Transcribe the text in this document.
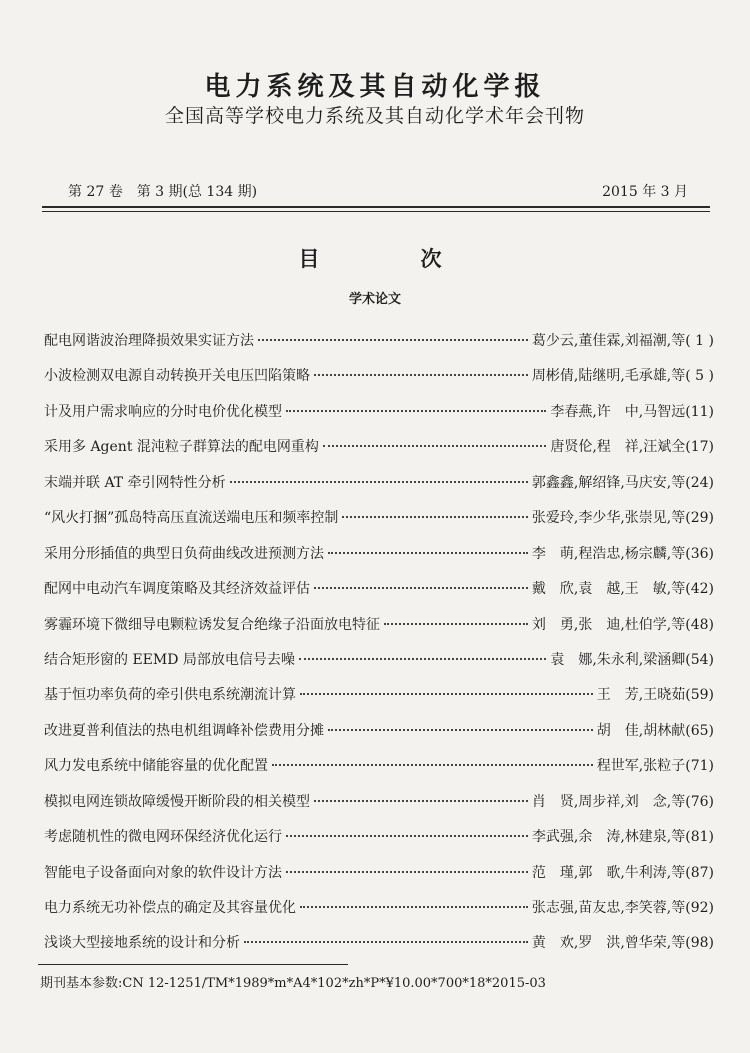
电力系统及其自动化学报
全国高等学校电力系统及其自动化学术年会刊物
第 27 卷　第 3 期(总 134 期)	2015 年 3 月
目　次
学术论文
配电网谐波治理降损效果实证方法	葛少云,董佳霖,刘福潮,等 ( 1 )
小波检测双电源自动转换开关电压凹陷策略	周彬倩,陆继明,毛承雄,等 ( 5 )
计及用户需求响应的分时电价优化模型	李春燕,许　中,马智远 (11)
采用多 Agent 混沌粒子群算法的配电网重构	唐贤伦,程　祥,汪斌全 (17)
末端并联 AT 牵引网特性分析	郭鑫鑫,解绍锋,马庆安,等 (24)
“风火打捆”孤岛特高压直流送端电压和频率控制	张爱玲,李少华,张崇见,等 (29)
采用分形插值的典型日负荷曲线改进预测方法	李　萌,程浩忠,杨宗麟,等 (36)
配网中电动汽车调度策略及其经济效益评估	戴　欣,袁　越,王　敏,等 (42)
雾霾环境下微细导电颗粒诱发复合绝缘子沿面放电特征	刘　勇,张　迪,杜伯学,等 (48)
结合矩形窗的 EEMD 局部放电信号去噪	袁　娜,朱永利,梁涵卿 (54)
基于恒功率负荷的牵引供电系统潮流计算	王　芳,王晓茹 (59)
改进夏普利值法的热电机组调峰补偿费用分摊	胡　佳,胡林献 (65)
风力发电系统中储能容量的优化配置	程世军,张粒子 (71)
模拟电网连锁故障缓慢开断阶段的相关模型	肖　贤,周步祥,刘　念,等 (76)
考虑随机性的微电网环保经济优化运行	李武强,余　涛,林建泉,等 (81)
智能电子设备面向对象的软件设计方法	范　瑾,郭　歌,牛利涛,等 (87)
电力系统无功补偿点的确定及其容量优化	张志强,苗友忠,李笑蓉,等 (92)
浅谈大型接地系统的设计和分析	黄　欢,罗　洪,曾华荣,等 (98)
期刊基本参数:CN 12-1251/TM*1989*m*A4*102*zh*P*¥10.00*700*18*2015-03
